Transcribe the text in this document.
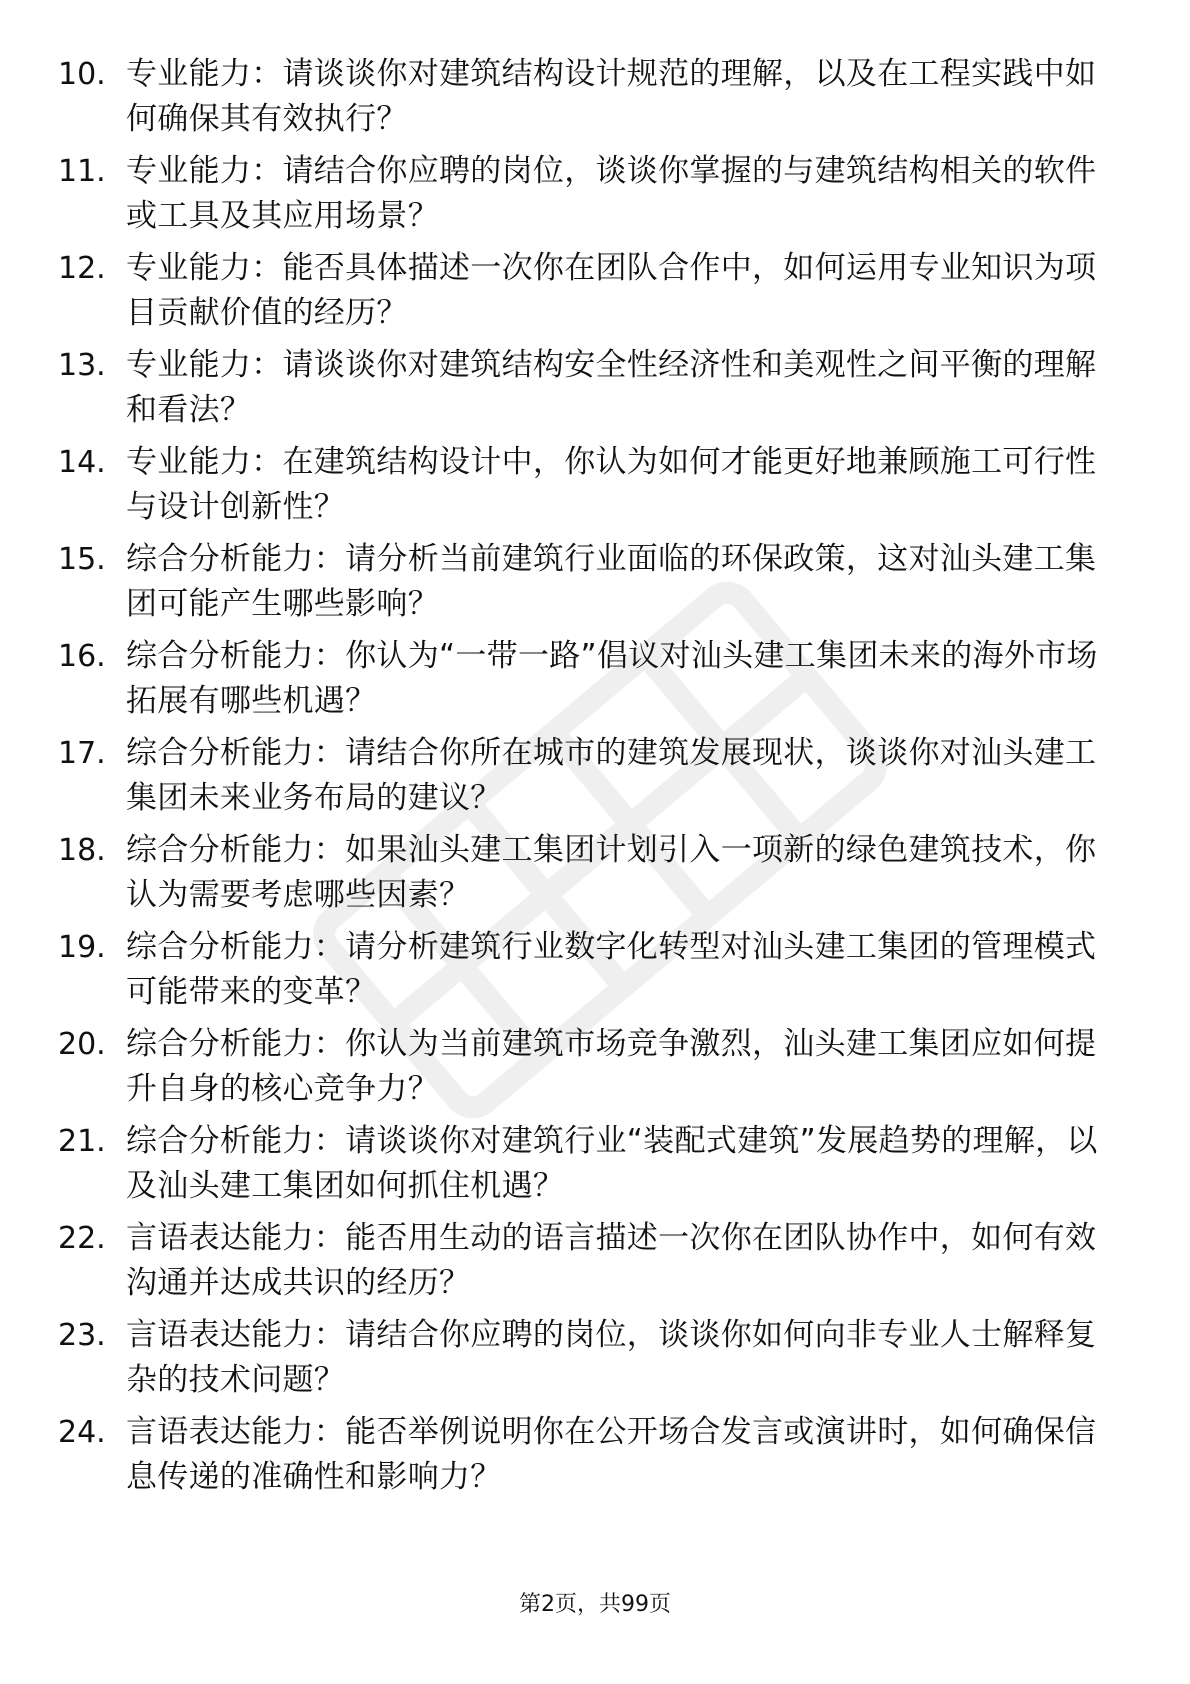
10. 专业能力：请谈谈你对建筑结构设计规范的理解，以及在工程实践中如何确保其有效执行？
11. 专业能力：请结合你应聘的岗位，谈谈你掌握的与建筑结构相关的软件或工具及其应用场景？
12. 专业能力：能否具体描述一次你在团队合作中，如何运用专业知识为项目贡献价值的经历？
13. 专业能力：请谈谈你对建筑结构安全性经济性和美观性之间平衡的理解和看法？
14. 专业能力：在建筑结构设计中，你认为如何才能更好地兼顾施工可行性与设计创新性？
15. 综合分析能力：请分析当前建筑行业面临的环保政策，这对汕头建工集团可能产生哪些影响？
16. 综合分析能力：你认为“一带一路”倡议对汕头建工集团未来的海外市场拓展有哪些机遇？
17. 综合分析能力：请结合你所在城市的建筑发展现状，谈谈你对汕头建工集团未来业务布局的建议？
18. 综合分析能力：如果汕头建工集团计划引入一项新的绿色建筑技术，你认为需要考虑哪些因素？
19. 综合分析能力：请分析建筑行业数字化转型对汕头建工集团的管理模式可能带来的变革？
20. 综合分析能力：你认为当前建筑市场竞争激烈，汕头建工集团应如何提升自身的核心竞争力？
21. 综合分析能力：请谈谈你对建筑行业“装配式建筑”发展趋势的理解，以及汕头建工集团如何抓住机遇？
22. 言语表达能力：能否用生动的语言描述一次你在团队协作中，如何有效沟通并达成共识的经历？
23. 言语表达能力：请结合你应聘的岗位，谈谈你如何向非专业人士解释复杂的技术问题？
24. 言语表达能力：能否举例说明你在公开场合发言或演讲时，如何确保信息传递的准确性和影响力？
第2页，共99页
